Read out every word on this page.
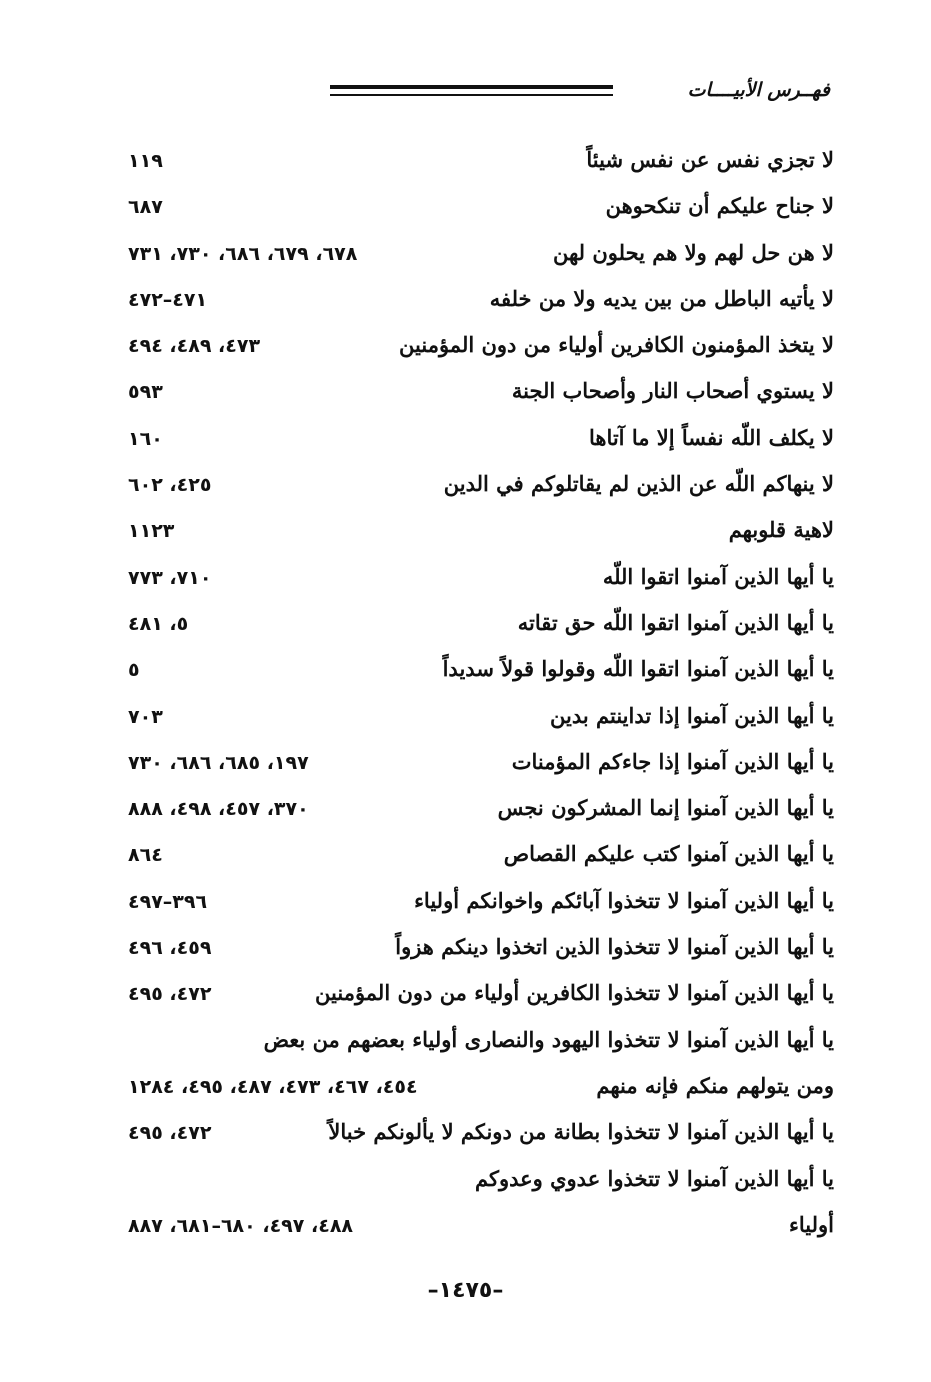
فهــرس الأبيــــات
لا تجزي نفس عن نفس شيئاً
١١٩
لا جناح عليكم أن تنكحوهن
٦٨٧
لا هن حل لهم ولا هم يحلون لهن
٦٧٨، ٦٧٩، ٦٨٦، ٧٣٠، ٧٣١
لا يأتيه الباطل من بين يديه ولا من خلفه
٤٧١–٤٧٢
لا يتخذ المؤمنون الكافرين أولياء من دون المؤمنين
٤٧٣، ٤٨٩، ٤٩٤
لا يستوي أصحاب النار وأصحاب الجنة
٥٩٣
لا يكلف اللّه نفساً إلا ما آتاها
١٦٠
لا ينهاكم اللّه عن الذين لم يقاتلوكم في الدين
٤٢٥، ٦٠٢
لاهية قلوبهم
١١٢٣
يا أيها الذين آمنوا اتقوا اللّه
٧١٠، ٧٧٣
يا أيها الذين آمنوا اتقوا اللّه حق تقاته
٥، ٤٨١
يا أيها الذين آمنوا اتقوا اللّه وقولوا قولاً سديداً
٥
يا أيها الذين آمنوا إذا تداينتم بدين
٧٠٣
يا أيها الذين آمنوا إذا جاءكم المؤمنات
١٩٧، ٦٨٥، ٦٨٦، ٧٣٠
يا أيها الذين آمنوا إنما المشركون نجس
٣٧٠، ٤٥٧، ٤٩٨، ٨٨٨
يا أيها الذين آمنوا كتب عليكم القصاص
٨٦٤
يا أيها الذين آمنوا لا تتخذوا آبائكم واخوانكم أولياء
٣٩٦–٤٩٧
يا أيها الذين آمنوا لا تتخذوا الذين اتخذوا دينكم هزواً
٤٥٩، ٤٩٦
يا أيها الذين آمنوا لا تتخذوا الكافرين أولياء من دون المؤمنين
٤٧٢، ٤٩٥
يا أيها الذين آمنوا لا تتخذوا اليهود والنصارى أولياء بعضهم من بعض
ومن يتولهم منكم فإنه منهم
٤٥٤، ٤٦٧، ٤٧٣، ٤٨٧، ٤٩٥، ١٢٨٤
يا أيها الذين آمنوا لا تتخذوا بطانة من دونكم لا يألونكم خبالاً
٤٧٢، ٤٩٥
يا أيها الذين آمنوا لا تتخذوا عدوي وعدوكم
أولياء
٤٨٨، ٤٩٧، ٦٨٠–٦٨١، ٨٨٧
–١٤٧٥–
